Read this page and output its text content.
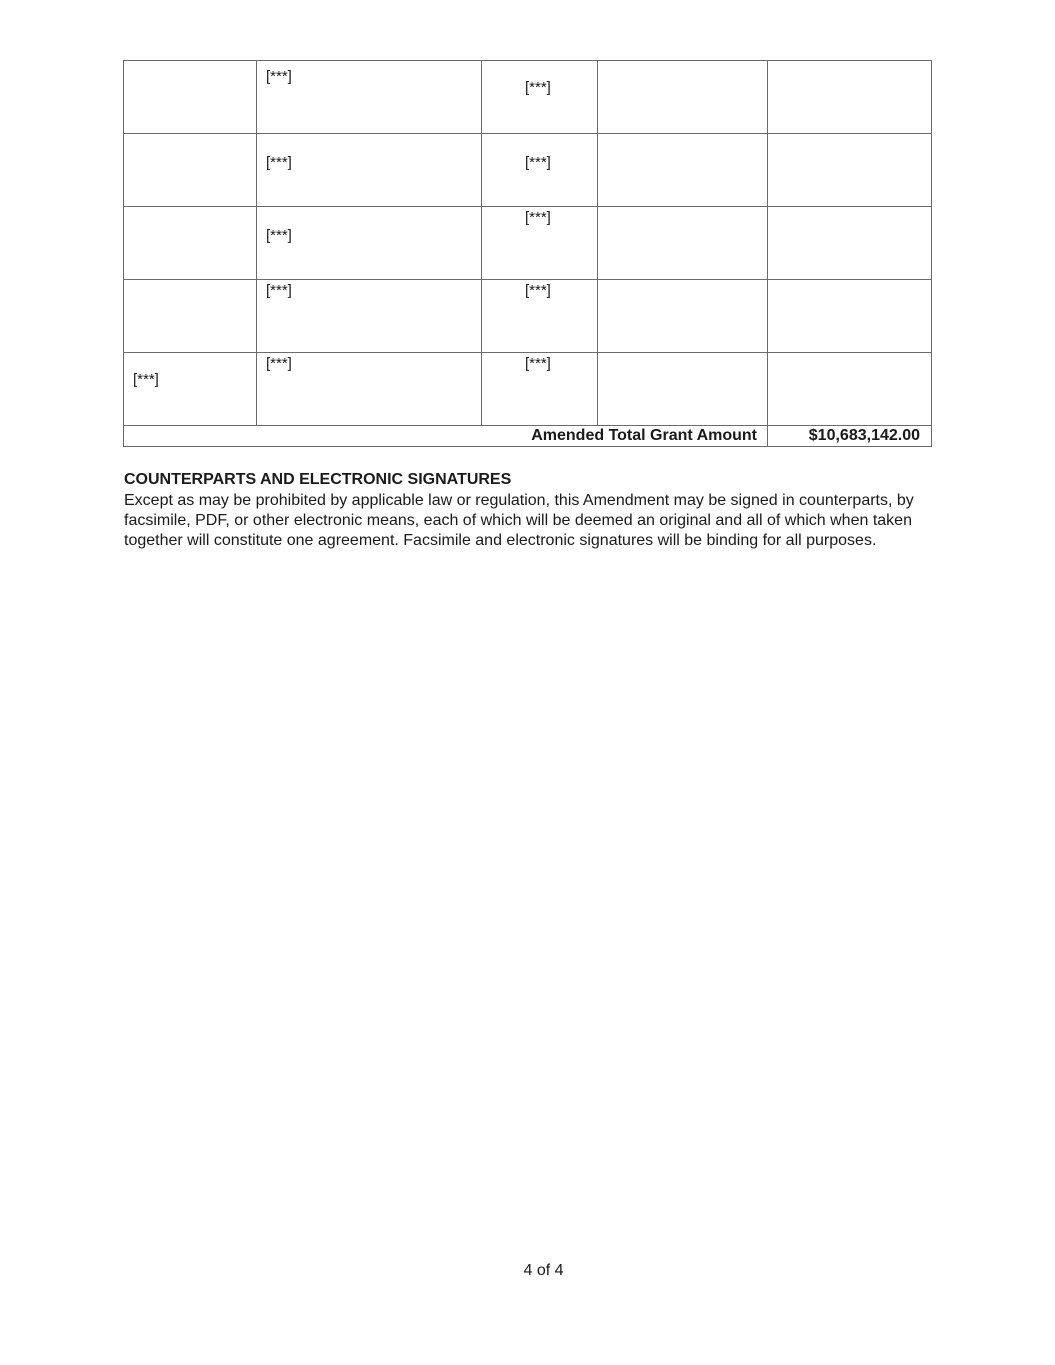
	[***]	[***]		

	[***]	[***]		

	[***]	[***]		

	[***]	[***]		

[***]	[***]	[***]		

Amended Total Grant Amount				$10,683,142.00

COUNTERPARTS AND ELECTRONIC SIGNATURES

Except as may be prohibited by applicable law or regulation, this Amendment may be signed in counterparts, by facsimile, PDF, or other electronic means, each of which will be deemed an original and all of which when taken together will constitute one agreement. Facsimile and electronic signatures will be binding for all purposes.

4 of 4
